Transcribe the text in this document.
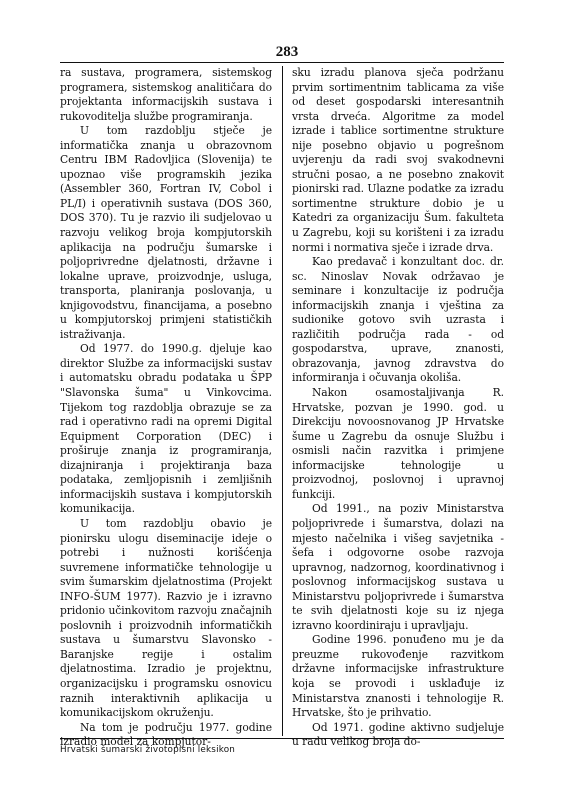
283

ra sustava, programera, sistemskog programera, sistemskog analitičara do projektanta informacijskih sustava i rukovoditelja službe programiranja.

U tom razdoblju stječe je informatička znanja u obrazovnom Centru IBM Radovljica (Slovenija) te upoznao više programskih jezika (Assembler 360, Fortran IV, Cobol i PL/I) i operativnih sustava (DOS 360, DOS 370). Tu je razvio ili sudjelovao u razvoju velikog broja kompjutorskih aplikacija na području šumarske i poljoprivredne djelatnosti, državne i lokalne uprave, proizvodnje, usluga, transporta, planiranja poslovanja, u knjigovodstvu, financijama, a posebno u kompjutorskoj primjeni statističkih istraživanja.

Od 1977. do 1990.g. djeluje kao direktor Službe za informacijski sustav i automatsku obradu podataka u ŠPP "Slavonska šuma" u Vinkovcima. Tijekom tog razdoblja obrazuje se za rad i operativno radi na opremi Digital Equipment Corporation (DEC) i proširuje znanja iz programiranja, dizajniranja i projektiranja baza podataka, zemljopisnih i zemljišnih informacijskih sustava i kompjutorskih komunikacija.

U tom razdoblju obavio je pionirsku ulogu diseminacije ideje o potrebi i nužnosti korišćenja suvremene informatičke tehnologije u svim šumarskim djelatnostima (Projekt INFO-ŠUM 1977). Razvio je i izravno pridonio učinkovitom razvoju značajnih poslovnih i proizvodnih informatičkih sustava u šumarstvu Slavonsko - Baranjske regije i ostalim djelatnostima. Izradio je projektnu, organizacijsku i programsku osnovicu raznih interaktivnih aplikacija u komunikacijskom okruženju.

Na tom je području 1977. godine izradio model za kompjutor-

sku izradu planova sječa podržanu prvim sortimentnim tablicama za više od deset gospodarski interesantnih vrsta drveća. Algoritme za model izrade i tablice sortimentne strukture nije posebno objavio u pogrešnom uvjerenju da radi svoj svakodnevni stručni posao, a ne posebno znakovit pionirski rad. Ulazne podatke za izradu sortimentne strukture dobio je u Katedri za organizaciju Šum. fakulteta u Zagrebu, koji su korišteni i za izradu normi i normativa sječe i izrade drva.

Kao predavač i konzultant doc. dr. sc. Ninoslav Novak održavao je seminare i konzultacije iz područja informacijskih znanja i vještina za sudionike gotovo svih uzrasta i različitih područja rada - od gospodarstva, uprave, znanosti, obrazovanja, javnog zdravstva do informiranja i očuvanja okoliša.

Nakon osamostaljivanja R. Hrvatske, pozvan je 1990. god. u Direkciju novoosnovanog JP Hrvatske šume u Zagrebu da osnuje Službu i osmisli način razvitka i primjene informacijske tehnologije u proizvodnoj, poslovnoj i upravnoj funkciji.

Od 1991., na poziv Ministarstva poljoprivrede i šumarstva, dolazi na mjesto načelnika i višeg savjetnika - šefa i odgovorne osobe razvoja upravnog, nadzornog, koordinativnog i poslovnog informacijskog sustava u Ministarstvu poljoprivrede i šumarstva te svih djelatnosti koje su iz njega izravno koordiniraju i upravljaju.

Godine 1996. ponuđeno mu je da preuzme rukovođenje razvitkom državne informacijske infrastrukture koja se provodi i usklađuje iz Ministarstva znanosti i tehnologije R. Hrvatske, što je prihvatio.

Od 1971. godine aktivno sudjeluje u radu velikog broja do-

Hrvatski šumarski životopisni leksikon
